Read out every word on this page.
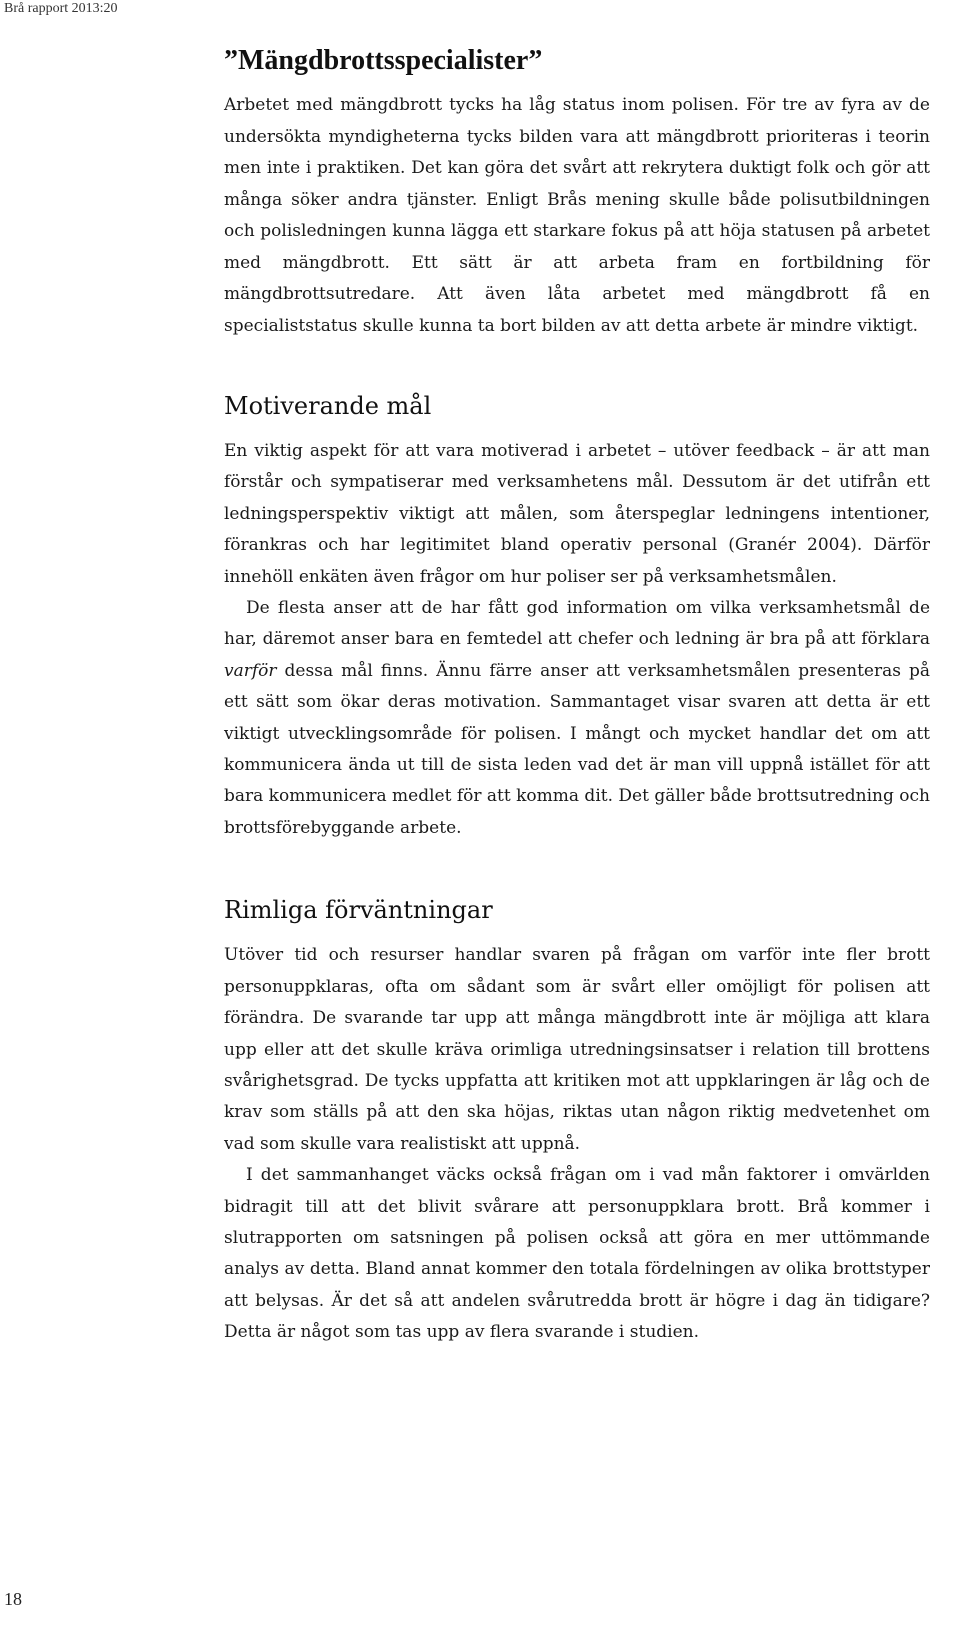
Brå rapport 2013:20
”Mängdbrottsspecialister”

Arbetet med mängdbrott tycks ha låg status inom polisen. För tre av fyra av de undersökta myndigheterna tycks bilden vara att mängdbrott prioriteras i teorin men inte i praktiken. Det kan göra det svårt att rekrytera duktigt folk och gör att många söker andra tjänster. Enligt Brås mening skulle både polisutbildningen och polisledningen kunna lägga ett starkare fokus på att höja statusen på arbetet med mängdbrott. Ett sätt är att arbeta fram en fortbildning för mängdbrottsutredare. Att även låta arbetet med mängdbrott få en specialiststatus skulle kunna ta bort bilden av att detta arbete är mindre viktigt.

Motiverande mål

En viktig aspekt för att vara motiverad i arbetet – utöver feedback – är att man förstår och sympatiserar med verksamhetens mål. Dessutom är det utifrån ett ledningsperspektiv viktigt att målen, som återspeglar ledningens intentioner, förankras och har legitimitet bland operativ personal (Granér 2004). Därför innehöll enkäten även frågor om hur poliser ser på verksamhetsmålen.

De flesta anser att de har fått god information om vilka verksamhetsmål de har, däremot anser bara en femtedel att chefer och ledning är bra på att förklara varför dessa mål finns. Ännu färre anser att verksamhetsmålen presenteras på ett sätt som ökar deras motivation. Sammantaget visar svaren att detta är ett viktigt utvecklingsområde för polisen. I mångt och mycket handlar det om att kommunicera ända ut till de sista leden vad det är man vill uppnå istället för att bara kommunicera medlet för att komma dit. Det gäller både brottsutredning och brottsförebyggande arbete.

Rimliga förväntningar

Utöver tid och resurser handlar svaren på frågan om varför inte fler brott personuppklaras, ofta om sådant som är svårt eller omöjligt för polisen att förändra. De svarande tar upp att många mängdbrott inte är möjliga att klara upp eller att det skulle kräva orimliga utredningsinsatser i relation till brottens svårighetsgrad. De tycks uppfatta att kritiken mot att uppklaringen är låg och de krav som ställs på att den ska höjas, riktas utan någon riktig medvetenhet om vad som skulle vara realistiskt att uppnå.

I det sammanhanget väcks också frågan om i vad mån faktorer i omvärlden bidragit till att det blivit svårare att personuppklara brott. Brå kommer i slutrapporten om satsningen på polisen också att göra en mer uttömmande analys av detta. Bland annat kommer den totala fördelningen av olika brottstyper att belysas. Är det så att andelen svårutredda brott är högre i dag än tidigare? Detta är något som tas upp av flera svarande i studien.

18
